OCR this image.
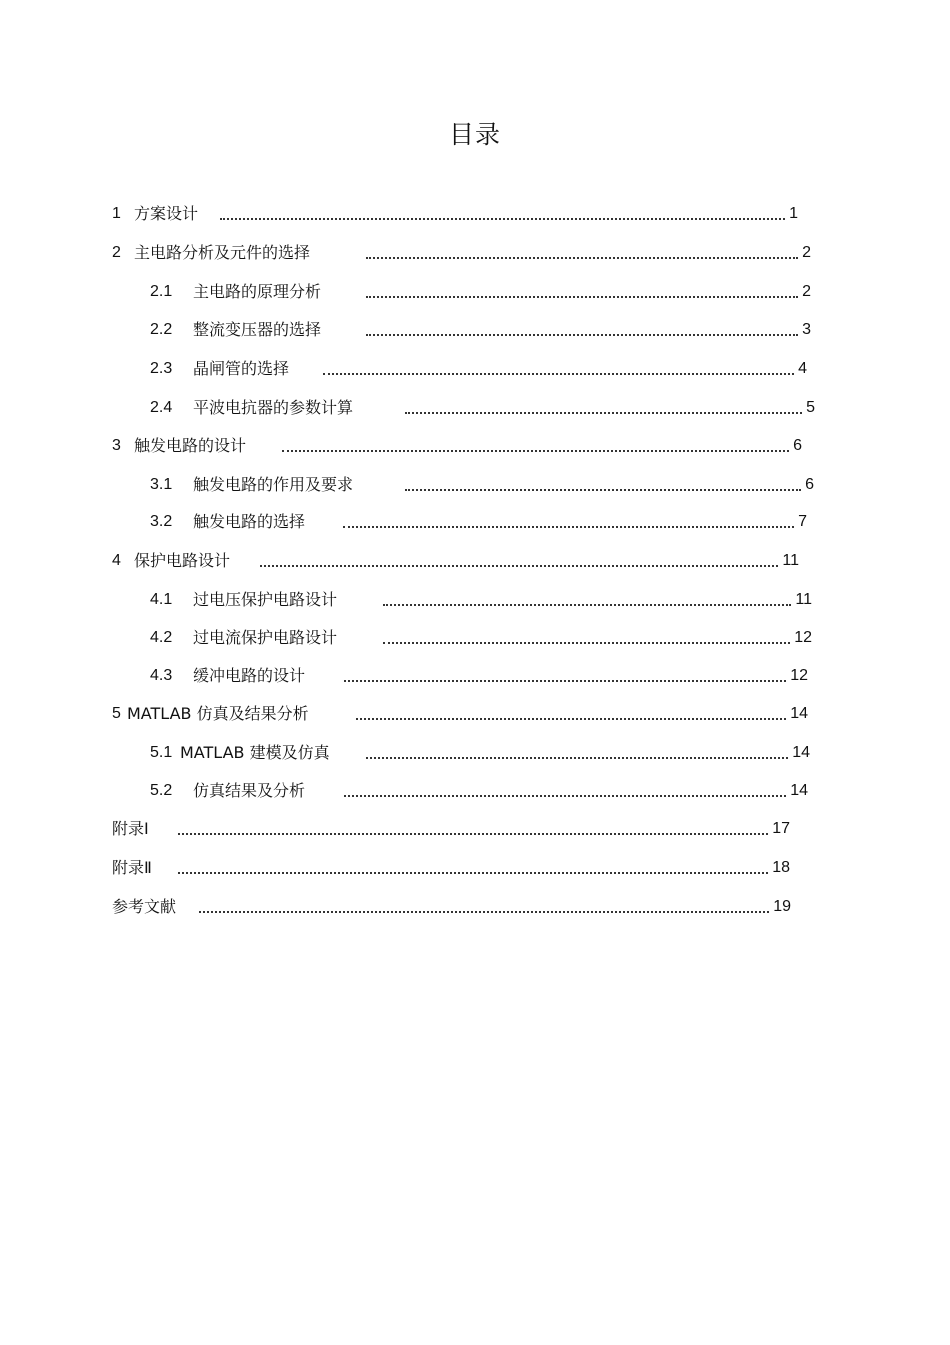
目录
1 方案设计	1
2 主电路分析及元件的选择	2
2.1	主电路的原理分析	2
2.2	整流变压器的选择	3
2.3	晶闸管的选择	4
2.4	平波电抗器的参数计算	5
3 触发电路的设计	6
3.1	触发电路的作用及要求	6
3.2	触发电路的选择	7
4 保护电路设计	11
4.1	过电压保护电路设计	11
4.2	过电流保护电路设计	12
4.3	缓冲电路的设计	12
5 MATLAB 仿真及结果分析	14
5.1 MATLAB 建模及仿真	14
5.2	仿真结果及分析	14
附录Ⅰ	17
附录Ⅱ	18
参考文献	19
